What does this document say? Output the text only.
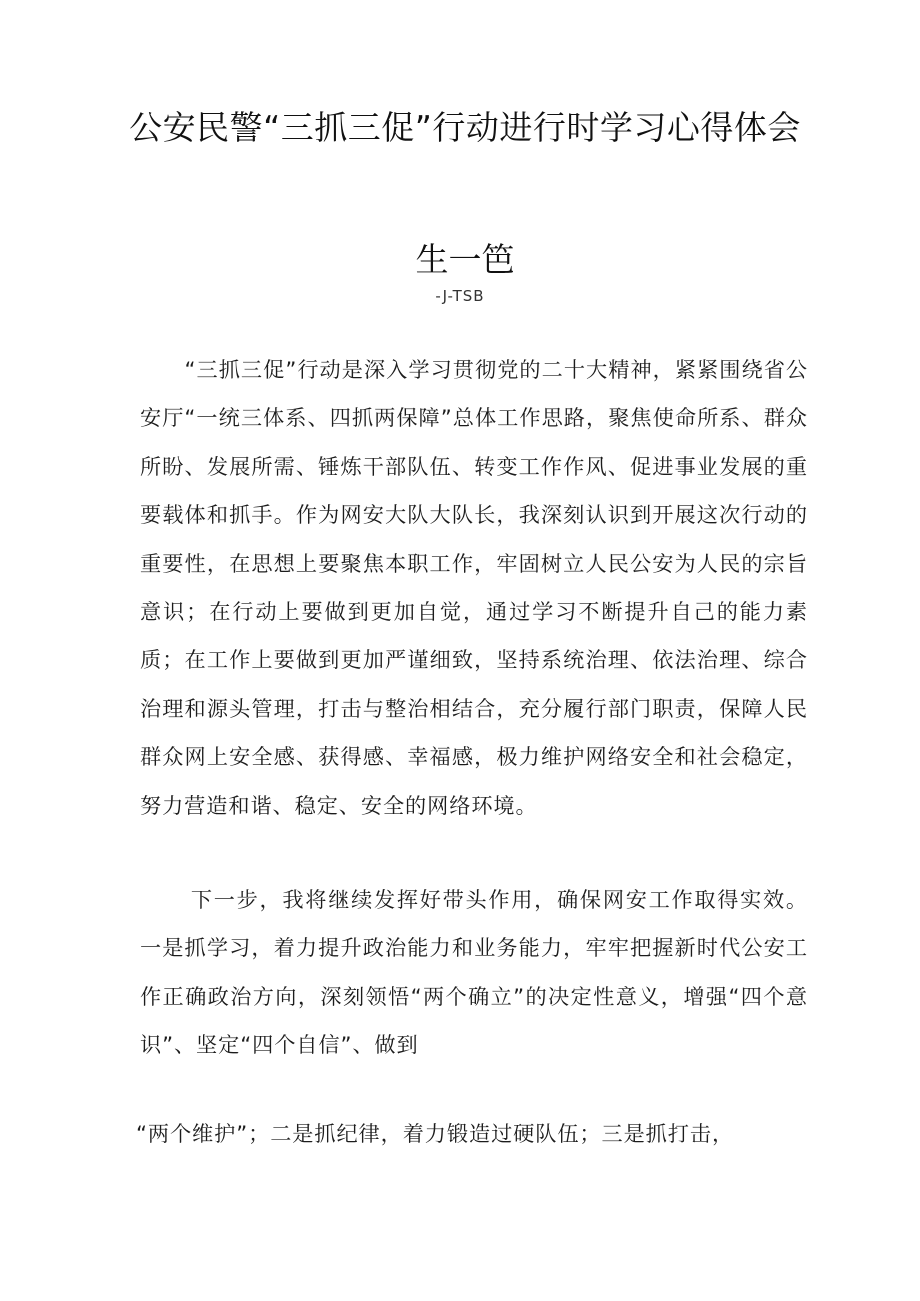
公安民警“三抓三促”行动进行时学习心得体会
生一笆
-J-TSB

“三抓三促”行动是深入学习贯彻党的二十大精神，紧紧围绕省公安厅“一统三体系、四抓两保障”总体工作思路，聚焦使命所系、群众所盼、发展所需、锤炼干部队伍、转变工作作风、促进事业发展的重要载体和抓手。作为网安大队大队长，我深刻认识到开展这次行动的重要性，在思想上要聚焦本职工作，牢固树立人民公安为人民的宗旨意识；在行动上要做到更加自觉，通过学习不断提升自己的能力素质；在工作上要做到更加严谨细致，坚持系统治理、依法治理、综合治理和源头管理，打击与整治相结合，充分履行部门职责，保障人民群众网上安全感、获得感、幸福感，极力维护网络安全和社会稳定，努力营造和谐、稳定、安全的网络环境。

下一步，我将继续发挥好带头作用，确保网安工作取得实效。一是抓学习，着力提升政治能力和业务能力，牢牢把握新时代公安工作正确政治方向，深刻领悟“两个确立”的决定性意义，增强“四个意识”、坚定“四个自信”、做到

“两个维护”；二是抓纪律，着力锻造过硬队伍；三是抓打击，
